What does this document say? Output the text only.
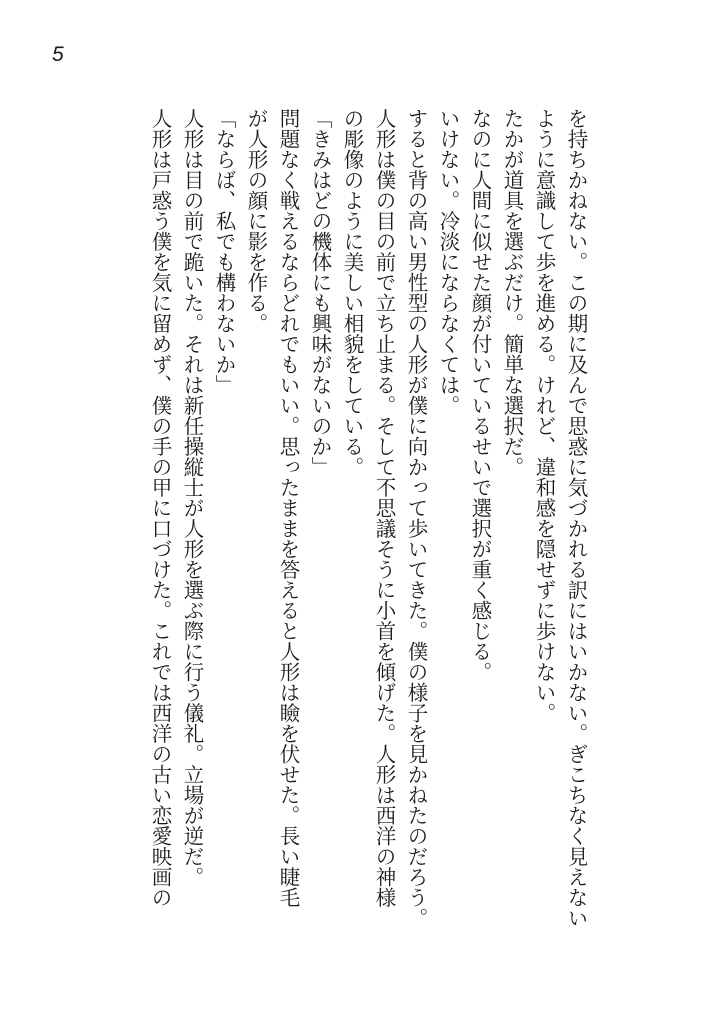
5

を持ちかねない。この期に及んで思惑に気づかれる訳にはいかない。ぎこちなく見えない

ように意識して歩を進める。けれど、違和感を隠せずに歩けない。

たかが道具を選ぶだけ。簡単な選択だ。

なのに人間に似せた顔が付いているせいで選択が重く感じる。

いけない。冷淡にならなくては。

すると背の高い男性型の人形が僕に向かって歩いてきた。僕の様子を見かねたのだろう。

人形は僕の目の前で立ち止まる。そして不思議そうに小首を傾げた。人形は西洋の神様

の彫像のように美しい相貌をしている。

「きみはどの機体にも興味がないのか」

問題なく戦えるならどれでもいい。思ったままを答えると人形は瞼を伏せた。長い睫毛

が人形の顔に影を作る。

「ならば、私でも構わないか」

人形は目の前で跪いた。それは新任操縦士が人形を選ぶ際に行う儀礼。立場が逆だ。

人形は戸惑う僕を気に留めず、僕の手の甲に口づけた。これでは西洋の古い恋愛映画の
